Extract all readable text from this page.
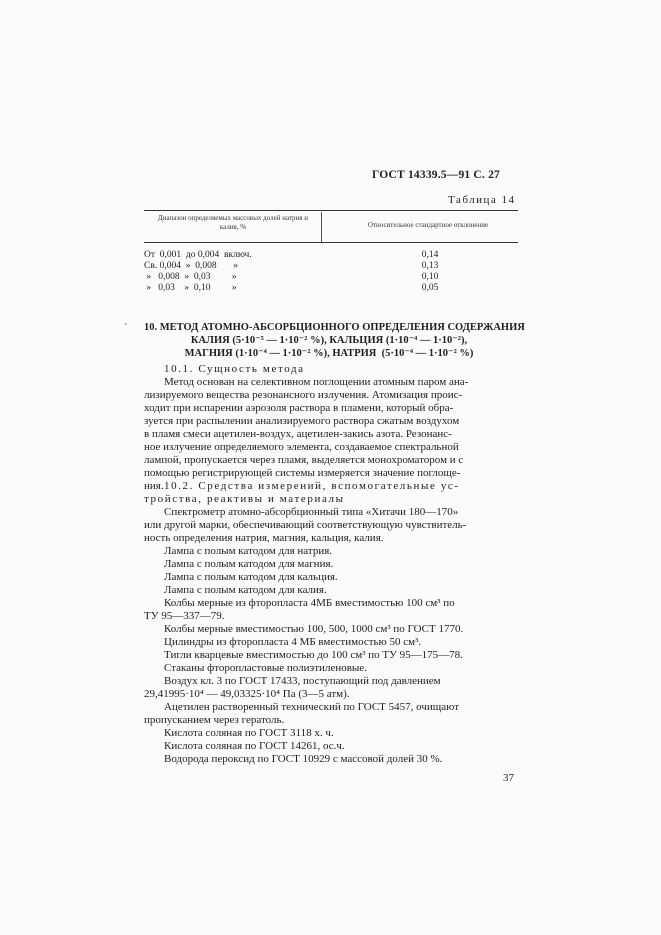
ГОСТ 14339.5—91 С. 27
Таблица 14
Диапазон определяемых массовых долей натрия и калия, %	Относительное стандартное отклонение
От  0,001  до 0,004  включ.	0,14
Св. 0,004  »  0,008       »	0,13
»   0,008  »  0,03         »	0,10
»   0,03    »  0,10         »	0,05
` 10. МЕТОД АТОМНО-АБСОРБЦИОННОГО ОПРЕДЕЛЕНИЯ СОДЕРЖАНИЯ
КАЛИЯ (5·10⁻⁵ — 1·10⁻² %), КАЛЬЦИЯ (1·10⁻⁴ — 1·10⁻²),
МАГНИЯ (1·10⁻⁴ — 1·10⁻² %), НАТРИЯ  (5·10⁻⁴ — 1·10⁻² %)
10.1. Сущность метода
Метод основан на селективном поглощении атомным паром ана-
лизируемого вещества резонансного излучения. Атомизация проис-
ходит при испарении аэрозоля раствора в пламени, который обра-
зуется при распылении анализируемого раствора сжатым воздухом
в пламя смеси ацетилен-воздух, ацетилен-закись азота. Резонанс-
ное излучение определяемого элемента, создаваемое спектральной
лампой, пропускается через пламя, выделяется монохроматором и с
помощью регистрирующей системы измеряется значение поглоще-
ния. 10.2. Средства измерений, вспомогательные ус-
тройства, реактивы и материалы
Спектрометр атомно-абсорбционный типа «Хитачи 180—170»
или другой марки, обеспечивающий соответствующую чувствитель-
ность определения натрия, магния, кальция, калия.
Лампа с полым катодом для натрия.
Лампа с полым катодом для магния.
Лампа с полым катодом для кальция.
Лампа с полым катодом для калия.
Колбы мерные из фторопласта 4МБ вместимостью 100 см³ по
ТУ 95—337—79.
Колбы мерные вместимостью 100, 500, 1000 см³ по ГОСТ 1770.
Цилиндры из фторопласта 4 МБ вместимостью 50 см³.
Тигли кварцевые вместимостью до 100 см³ по ТУ 95—175—78.
Стаканы фторопластовые полиэтиленовые.
Воздух кл. 3 по ГОСТ 17433, поступающий под давлением
29,41995·10⁴ — 49,03325·10⁴ Па (3—5 атм).
Ацетилен растворенный технический по ГОСТ 5457, очищают
пропусканием через гератоль.
Кислота соляная по ГОСТ 3118 х. ч.
Кислота соляная по ГОСТ 14261, ос.ч.
Водорода пероксид по ГОСТ 10929 с массовой долей 30 %.
37
